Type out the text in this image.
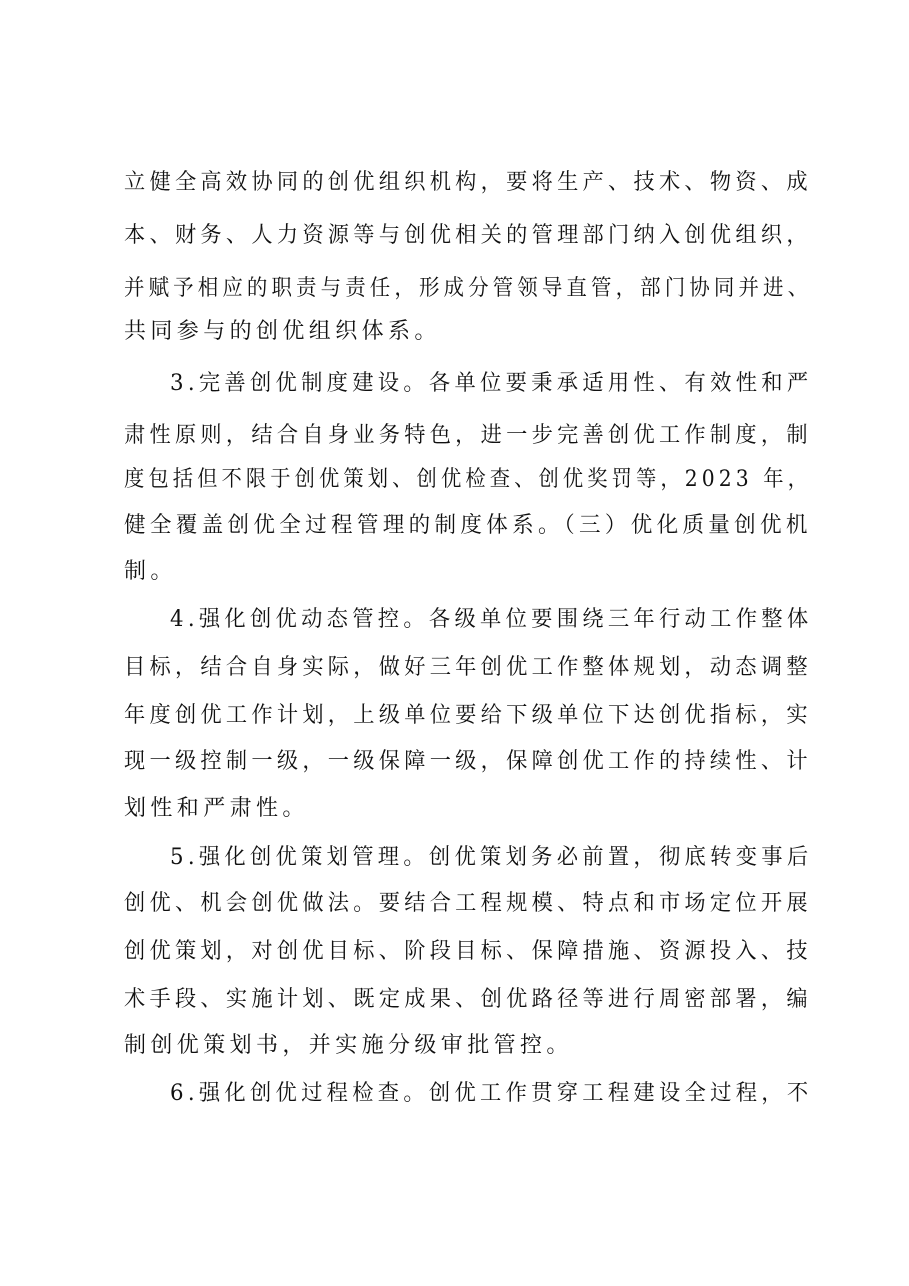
立健全高效协同的创优组织机构，要将生产、技术、物资、成
本、财务、人力资源等与创优相关的管理部门纳入创优组织，
并赋予相应的职责与责任，形成分管领导直管，部门协同并进、
共同参与的创优组织体系。
3.完善创优制度建设。各单位要秉承适用性、有效性和严
肃性原则，结合自身业务特色，进一步完善创优工作制度，制
度包括但不限于创优策划、创优检查、创优奖罚等，2023 年，
健全覆盖创优全过程管理的制度体系。（三）优化质量创优机
制。
4.强化创优动态管控。各级单位要围绕三年行动工作整体
目标，结合自身实际，做好三年创优工作整体规划，动态调整
年度创优工作计划，上级单位要给下级单位下达创优指标，实
现一级控制一级，一级保障一级，保障创优工作的持续性、计
划性和严肃性。
5.强化创优策划管理。创优策划务必前置，彻底转变事后
创优、机会创优做法。要结合工程规模、特点和市场定位开展
创优策划，对创优目标、阶段目标、保障措施、资源投入、技
术手段、实施计划、既定成果、创优路径等进行周密部署，编
制创优策划书，并实施分级审批管控。
6.强化创优过程检查。创优工作贯穿工程建设全过程，不
